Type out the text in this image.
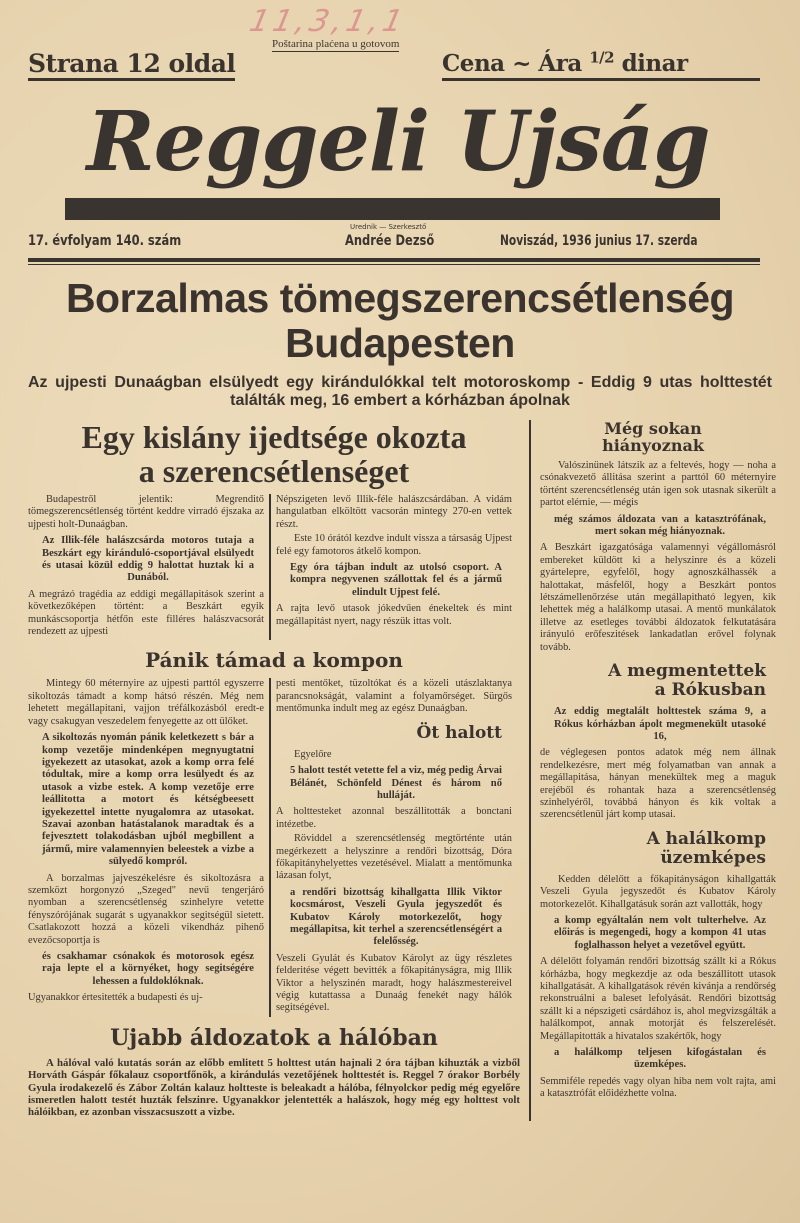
11,3,1,1
Poštarina plaćena u gotovom
Strana 12 oldal	Cena ~ Ára $^{1/2}$ dinar
Reggeli Ujság
17. évfolyam 140. szám
Urednik — Szerkesztő
Andrée Dezső	Noviszád, 1936 junius 17. szerda
Borzalmas tömegszerencsétlenség
Budapesten
Az ujpesti Dunaágban elsülyedt egy kirándulókkal telt motoroskomp - Eddig 9 utas holttestét találták meg, 16 embert a kórházban ápolnak
Egy kislány ijedtsége okozta
a szerencsétlenséget

Budapestről jelentik: Megrenditő tömegszerencsétlenség történt keddre virradó éjszaka az ujpesti holt-Dunaágban.

Az Illik-féle halászcsárda motoros tutaja a Beszkárt egy kiránduló-csoportjával elsülyedt és utasai közül eddig 9 halottat huztak ki a Dunából.

A megrázó tragédia az eddigi megállapitások szerint a következőképen történt: a Beszkárt egyik munkáscsoportja hétfőn este filléres halászvacsorát rendezett az ujpesti

Népszigeten levő Illik-féle halászcsárdában. A vidám hangulatban elköltött vacsorán mintegy 270-en vettek részt.

Este 10 órától kezdve indult vissza a társaság Ujpest felé egy famotoros átkelő kompon.

Egy óra tájban indult az utolsó csoport. A kompra negyvenen szállottak fel és a jármű elindult Ujpest felé.

A rajta levő utasok jókedvűen énekeltek és mint megállapitást nyert, nagy részük ittas volt.

Pánik támad a kompon

Mintegy 60 méternyire az ujpesti parttól egyszerre sikoltozás támadt a komp hátsó részén. Még nem lehetett megállapitani, vajjon tréfálkozásból eredt-e vagy csakugyan veszedelem fenyegette az ott ülőket.

A sikoltozás nyomán pánik keletkezett s bár a komp vezetője mindenképen megnyugtatni igyekezett az utasokat, azok a komp orra felé tódultak, mire a komp orra lesülyedt és az utasok a vizbe estek. A komp vezetője erre leállitotta a motort és kétségbeesett igyekezettel intette nyugalomra az utasokat. Szavai azonban hatástalanok maradtak és a fejvesztett tolakodásban ujból megbillent a jármű, mire valamennyien beleestek a vizbe a sülyedő kompról.

A borzalmas jajveszékelésre és sikoltozásra a szemközt horgonyzó „Szeged" nevű tengerjáró nyomban a szerencsétlenség szinhelyre vetette fényszórójának sugarát s ugyanakkor segitségül sietett. Csatlakozott hozzá a közeli vikendház pihenő evezőcsoportja is

és csakhamar csónakok és motorosok egész raja lepte el a környéket, hogy segitségére lehessen a fuldoklóknak.

Ugyanakkor értesitették a budapesti és uj-

pesti mentőket, tüzoltókat és a közeli utászlaktanya parancsnokságát, valamint a folyamőrséget. Sürgős mentőmunka indult meg az egész Dunaágban.

Öt halott

Egyelőre

5 halott testét vetette fel a viz, még pedig Árvai Bélánét, Schönfeld Dénest és három nő hulláját.

A holttesteket azonnal beszállitották a bonctani intézetbe.

Röviddel a szerencsétlenség megtörténte után megérkezett a helyszinre a rendőri bizottság, Dóra főkapitányhelyettes vezetésével. Mialatt a mentőmunka lázasan folyt,

a rendőri bizottság kihallgatta Illik Viktor kocsmárost, Veszeli Gyula jegyszedőt és Kubatov Károly motorkezelőt, hogy megállapitsa, kit terhel a szerencsétlenségért a felelősség.

Veszeli Gyulát és Kubatov Károlyt az ügy részletes felderitése végett bevitték a főkapitányságra, mig Illik Viktor a helyszinén maradt, hogy halászmestereivel végig kutattassa a Dunaág fenekét nagy hálók segitségével.

Ujabb áldozatok a hálóban

A hálóval való kutatás során az előbb emlitett 5 holttest után hajnali 2 óra tájban kihuzták a vizből Horváth Gáspár főkalauz csoportfőnök, a kirándulás vezetőjének holttestét is. Reggel 7 órakor Borbély Gyula irodakezelő és Zábor Zoltán kalauz holtteste is beleakadt a hálóba, félnyolckor pedig még egyelőre ismeretlen halott testét huzták felszinre. Ugyanakkor jelentették a halászok, hogy még egy holttest volt hálóikban, ez azonban visszacsuszott a vizbe.

Még sokan
hiányoznak

Valószinünek látszik az a feltevés, hogy — noha a csónakvezető állitása szerint a parttól 60 méternyire történt szerencsétlenség után igen sok utasnak sikerült a partot elérnie, — mégis

még számos áldozata van a katasztrófának, mert sokan még hiányoznak.

A Beszkárt igazgatósága valamennyi végállomásról embereket küldött ki a helyszinre és a közeli gyártelepre, egyfelől, hogy agnoszkálhassék a halottakat, másfelől, hogy a Beszkárt pontos létszámellenőrzése után megállapitható legyen, kik lehettek még a halálkomp utasai. A mentő munkálatok illetve az esetleges további áldozatok felkutatására irányuló erőfeszitések lankadatlan erővel folynak tovább.

A megmentettek
a Rókusban

Az eddig megtalált holttestek száma 9, a Rókus kórházban ápolt megmenekült utasoké 16,

de véglegesen pontos adatok még nem állnak rendelkezésre, mert még folyamatban van annak a megállapitása, hányan menekültek meg a maguk erejéből és rohantak haza a szerencsétlenség szinhelyéről, továbbá hányon és kik voltak a szerencsétlenül járt komp utasai.

A halálkomp
üzemképes

Kedden délelőtt a főkapitányságon kihallgatták Veszeli Gyula jegyszedőt és Kubatov Károly motorkezelőt. Kihallgatásuk során azt vallották, hogy

a komp egyáltalán nem volt tulterhelve. Az előirás is megengedi, hogy a kompon 41 utas foglalhasson helyet a vezetővel együtt.

A délelőtt folyamán rendőri bizottság szállt ki a Rókus kórházba, hogy megkezdje az oda beszállitott utasok kihallgatását. A kihallgatások révén kivánja a rendőrség rekonstruálni a baleset lefolyását. Rendőri bizottság szállt ki a népszigeti csárdához is, ahol megvizsgálták a halálkompot, annak motorját és felszerelését. Megállapitották a hivatalos szakértők, hogy

a halálkomp teljesen kifogástalan és üzemképes.

Semmiféle repedés vagy olyan hiba nem volt rajta, ami a katasztrófát előidézhette volna.
